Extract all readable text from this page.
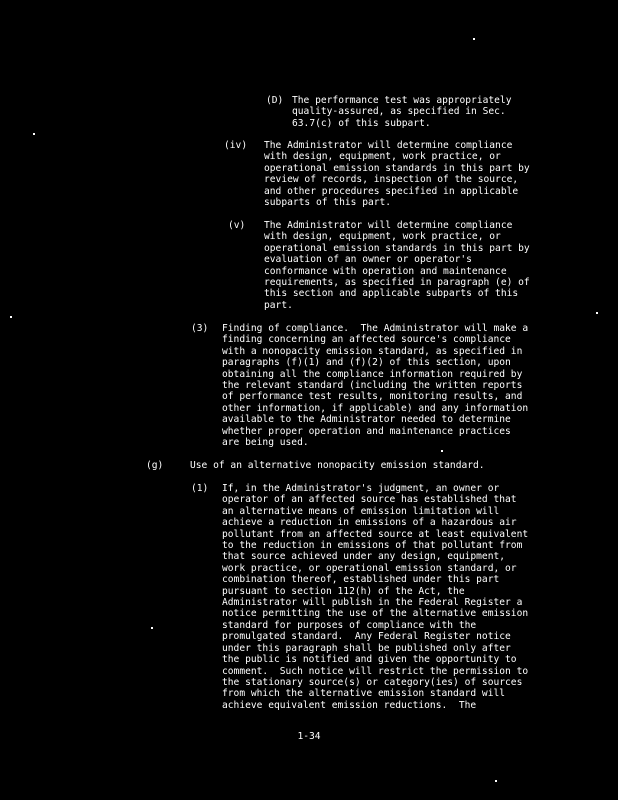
(D) The performance test was appropriately
quality-assured, as specified in Sec.
63.7(c) of this subpart.
(iv) The Administrator will determine compliance
with design, equipment, work practice, or
operational emission standards in this part by
review of records, inspection of the source,
and other procedures specified in applicable
subparts of this part.
(v) The Administrator will determine compliance
with design, equipment, work practice, or
operational emission standards in this part by
evaluation of an owner or operator's
conformance with operation and maintenance
requirements, as specified in paragraph (e) of
this section and applicable subparts of this
part.
(3) Finding of compliance.  The Administrator will make a
finding concerning an affected source's compliance
with a nonopacity emission standard, as specified in
paragraphs (f)(1) and (f)(2) of this section, upon
obtaining all the compliance information required by
the relevant standard (including the written reports
of performance test results, monitoring results, and
other information, if applicable) and any information
available to the Administrator needed to determine
whether proper operation and maintenance practices
are being used.
(g)	Use of an alternative nonopacity emission standard.
(1) If, in the Administrator's judgment, an owner or
operator of an affected source has established that
an alternative means of emission limitation will
achieve a reduction in emissions of a hazardous air
pollutant from an affected source at least equivalent
to the reduction in emissions of that pollutant from
that source achieved under any design, equipment,
work practice, or operational emission standard, or
combination thereof, established under this part
pursuant to section 112(h) of the Act, the
Administrator will publish in the Federal Register a
notice permitting the use of the alternative emission
standard for purposes of compliance with the
promulgated standard.  Any Federal Register notice
under this paragraph shall be published only after
the public is notified and given the opportunity to
comment.  Such notice will restrict the permission to
the stationary source(s) or category(ies) of sources
from which the alternative emission standard will
achieve equivalent emission reductions.  The
1-34
